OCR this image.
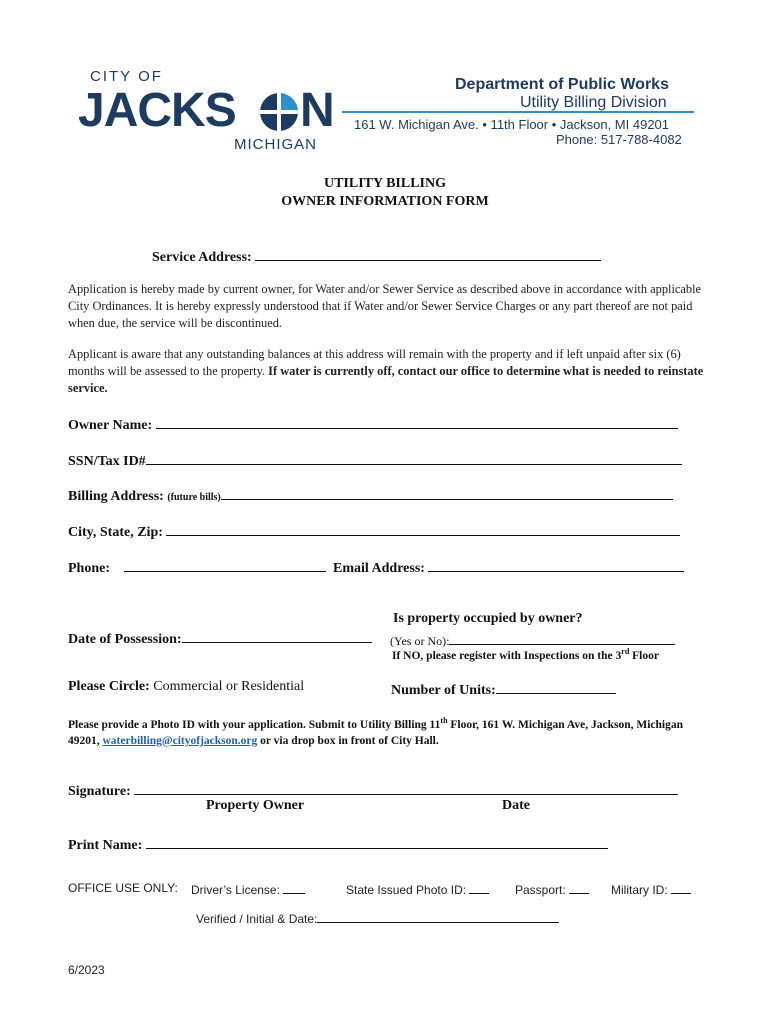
CITY OF
JACKS N
MICHIGAN
Department of Public Works
Utility Billing Division
161 W. Michigan Ave. • 11th Floor • Jackson, MI 49201
Phone: 517-788-4082
UTILITY BILLING
OWNER INFORMATION FORM
Service Address:
Application is hereby made by current owner, for Water and/or Sewer Service as described above in accordance with applicable City Ordinances. It is hereby expressly understood that if Water and/or Sewer Service Charges or any part thereof are not paid when due, the service will be discontinued.
Applicant is aware that any outstanding balances at this address will remain with the property and if left unpaid after six (6) months will be assessed to the property. If water is currently off, contact our office to determine what is needed to reinstate service.
Owner Name:
SSN/Tax ID#
Billing Address: (future bills)
City, State, Zip:
Phone:	Email Address:
Is property occupied by owner?
Date of Possession:	(Yes or No):
If NO, please register with Inspections on the 3rd Floor
Please Circle: Commercial or Residential	Number of Units:
Please provide a Photo ID with your application. Submit to Utility Billing 11th Floor, 161 W. Michigan Ave, Jackson, Michigan 49201, waterbilling@cityofjackson.org or via drop box in front of City Hall.
Signature:
Property Owner	Date
Print Name:
OFFICE USE ONLY: Driver’s License:	State Issued Photo ID:	Passport:	Military ID:
Verified / Initial & Date:
6/2023
